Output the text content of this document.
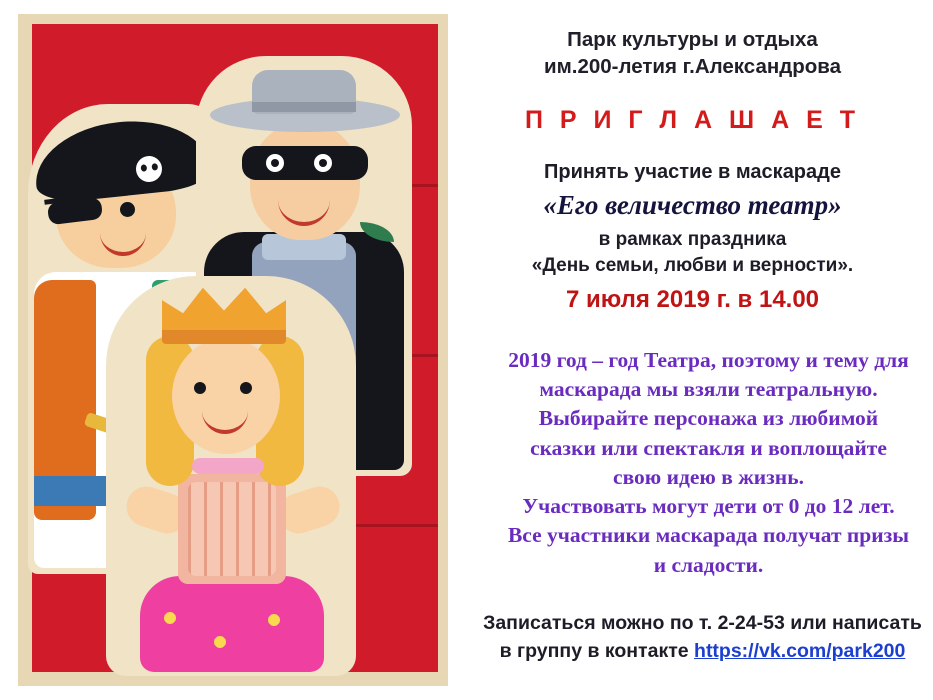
Парк культуры и отдыха
им.200-летия г.Александрова
П Р И Г Л А Ш А Е Т
Принять участие в маскараде
«Его величество театр»
в рамках праздника
«День семьи, любви и верности».
7 июля 2019 г. в 14.00
2019 год – год Театра, поэтому и тему для
маскарада мы взяли театральную.
Выбирайте персонажа из любимой
сказки или спектакля и воплощайте
свою идею в жизнь.
Участвовать могут дети от 0 до 12 лет.
Все участники маскарада получат призы
и сладости.
Записаться можно по т. 2-24-53 или написать
в группу в контакте https://vk.com/park200
